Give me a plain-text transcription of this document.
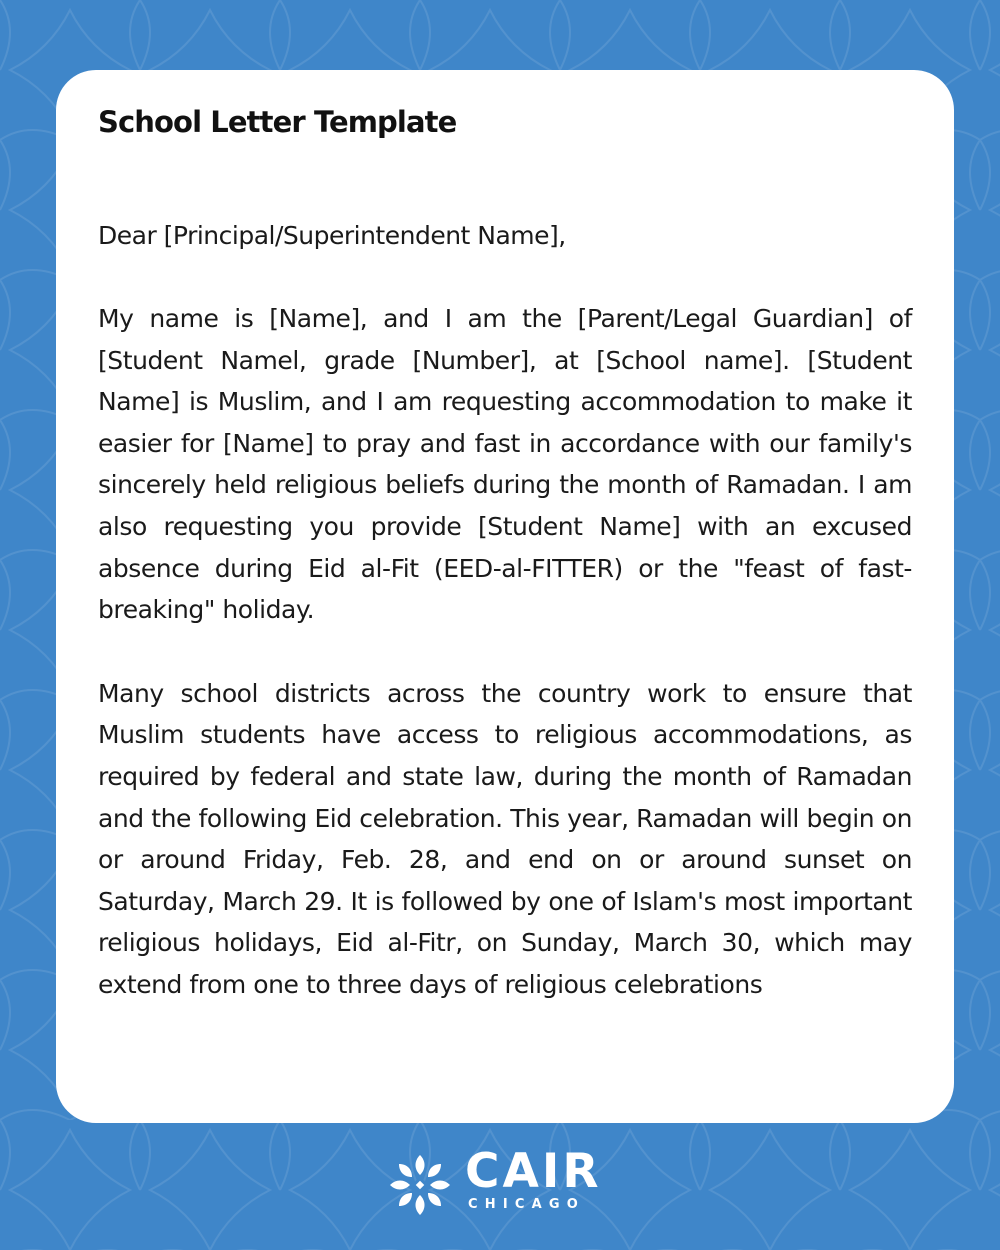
School Letter Template

Dear [Principal/Superintendent Name],

My name is [Name], and I am the [Parent/Legal Guardian] of [Student Namel, grade [Number], at [School name]. [Student Name] is Muslim, and I am requesting accommodation to make it easier for [Name] to pray and fast in accordance with our family's sincerely held religious beliefs during the month of Ramadan. I am also requesting you provide [Student Name] with an excused absence during Eid al-Fit (EED-al-FITTER) or the "feast of fast-breaking" holiday.

Many school districts across the country work to ensure that Muslim students have access to religious accommodations, as required by federal and state law, during the month of Ramadan and the following Eid celebration. This year, Ramadan will begin on or around Friday, Feb. 28, and end on or around sunset on Saturday, March 29. It is followed by one of Islam's most important religious holidays, Eid al-Fitr, on Sunday, March 30, which may extend from one to three days of religious celebrations

CAIR
CHICAGO
